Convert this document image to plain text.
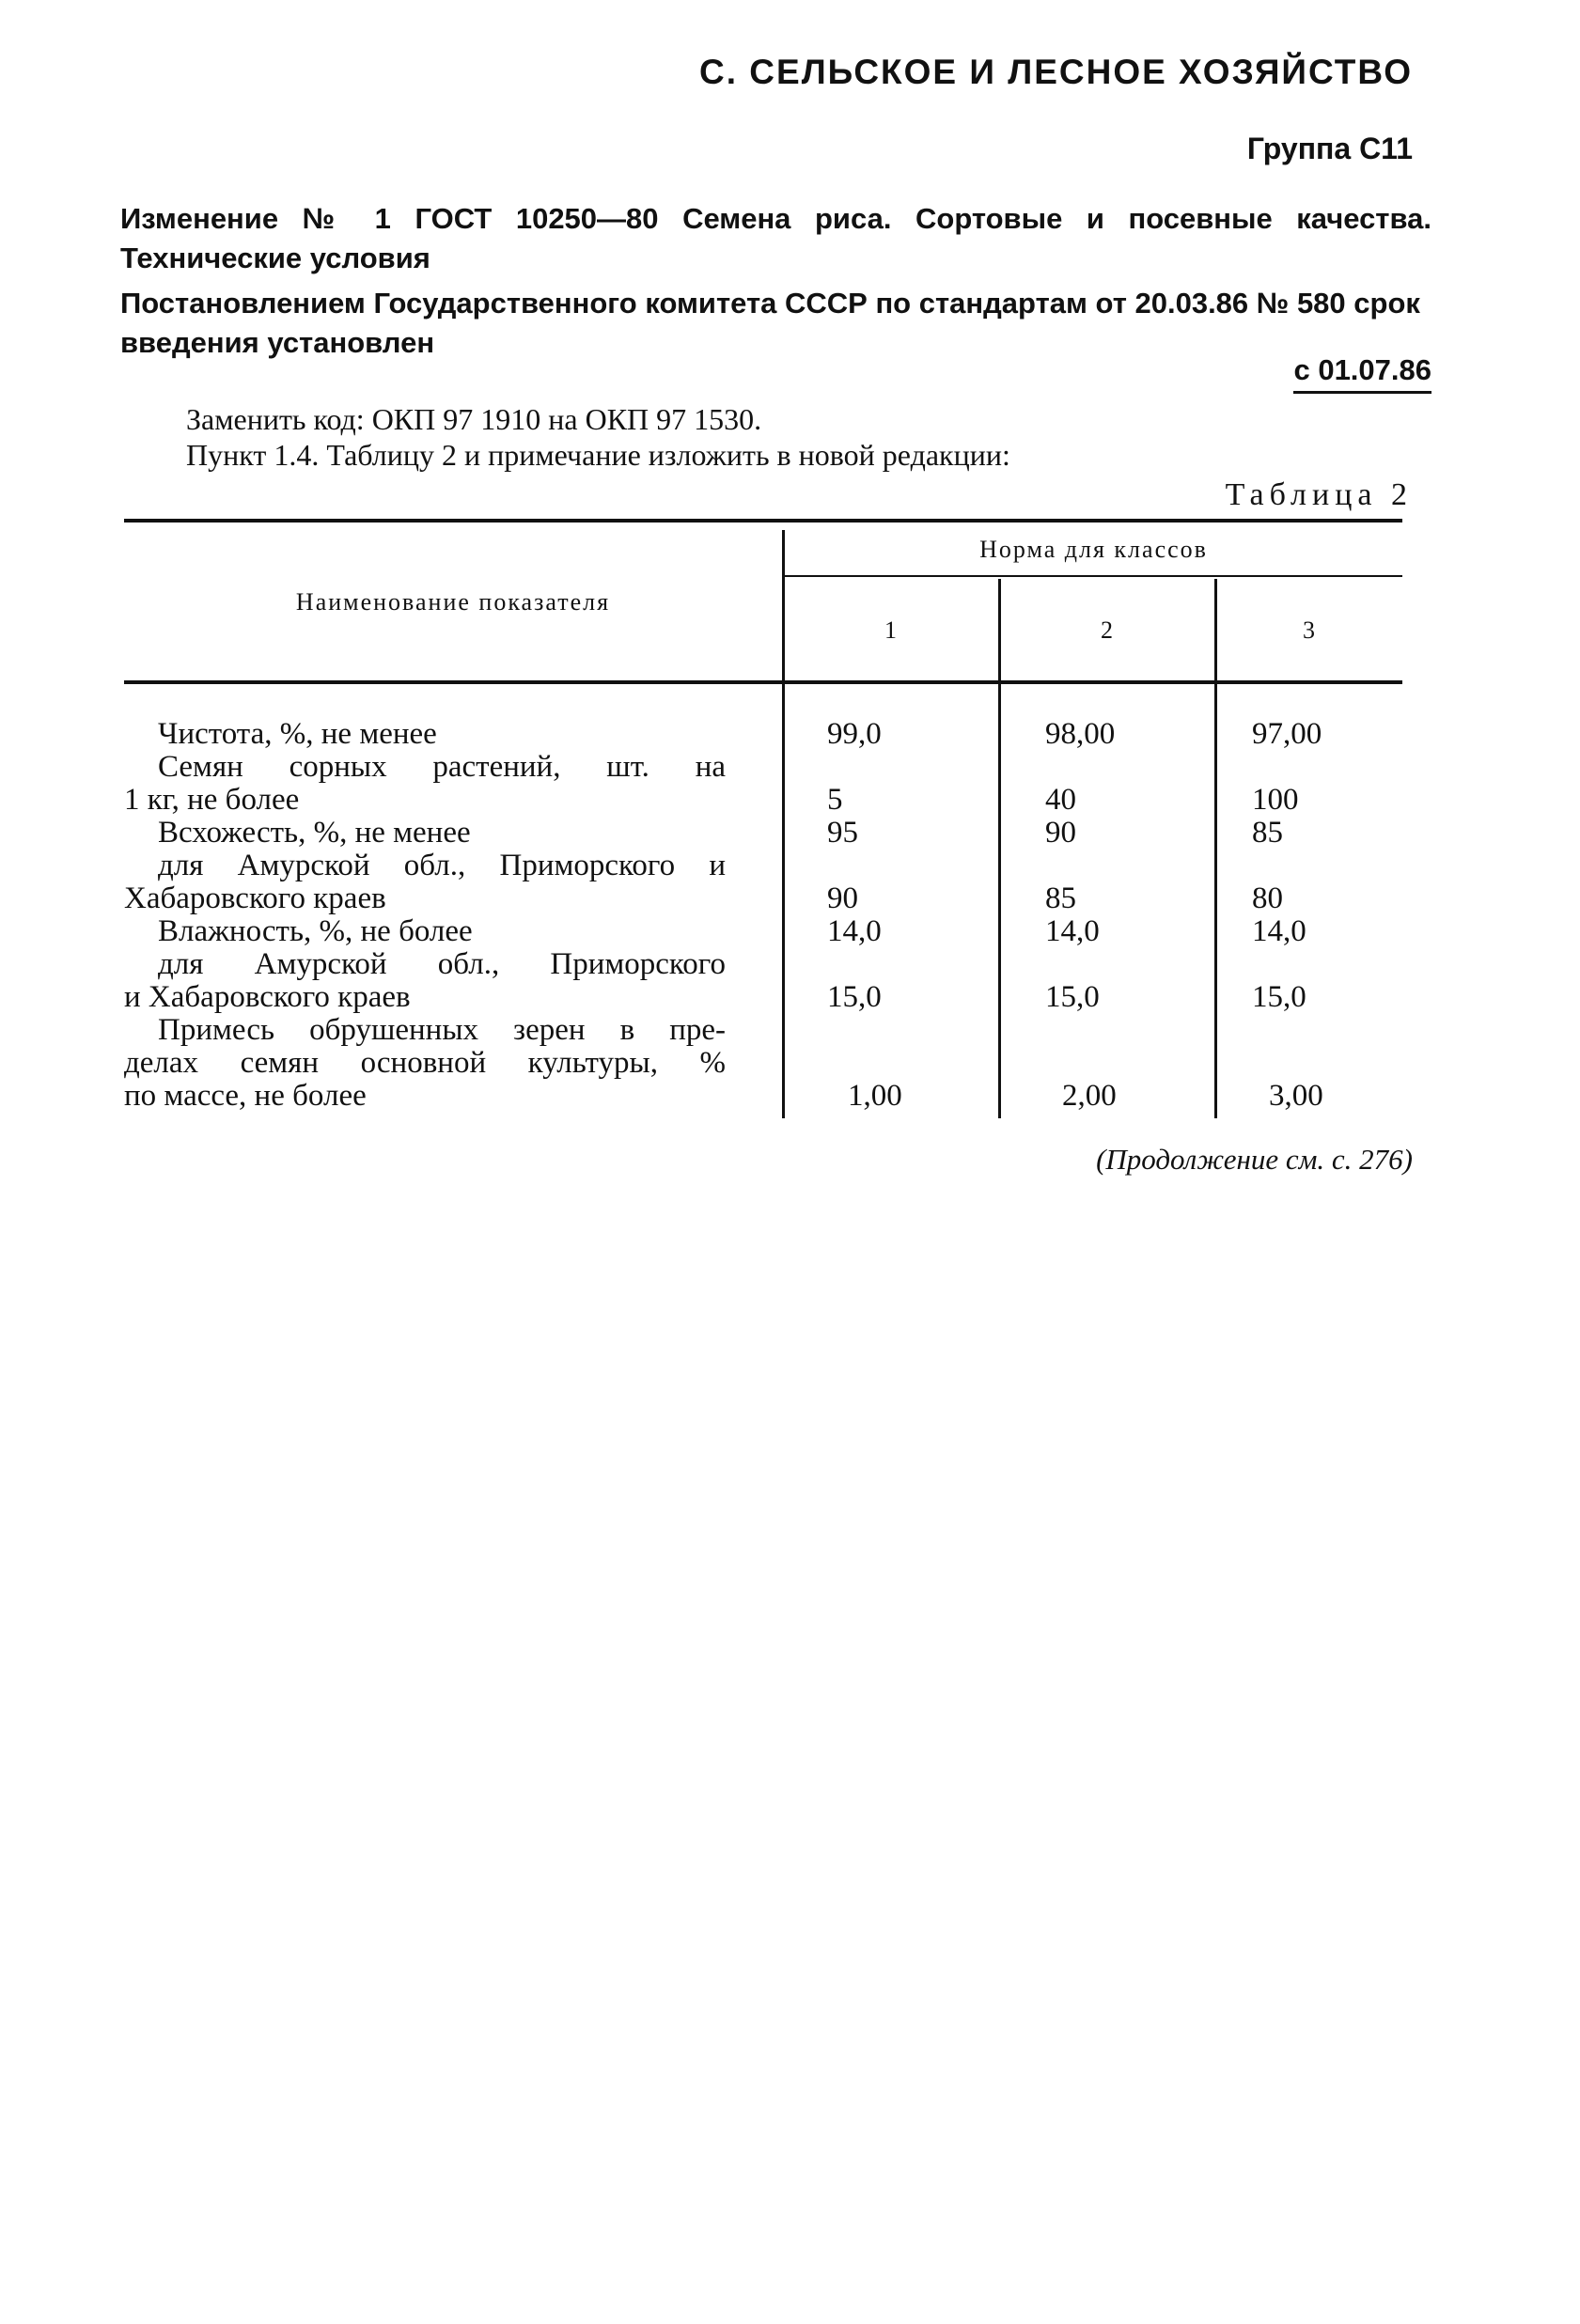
С. СЕЛЬСКОЕ И ЛЕСНОЕ ХОЗЯЙСТВО
Группа С11
Изменение № 1 ГОСТ 10250—80 Семена риса. Сортовые и посевные качества. Технические условия
Постановлением Государственного комитета СССР по стандартам от 20.03.86 № 580 срок введения установлен
с 01.07.86
Заменить код: ОКП 97 1910 на ОКП 97 1530.
Пункт 1.4. Таблицу 2 и примечание изложить в новой редакции:
Таблица 2
Наименование показателя
Норма для классов
1	2	3
Чистота, %, не менее	99,0	98,00	97,00
Семян сорных растений, шт. на
1 кг, не более	5	40	100
Всхожесть, %, не менее	95	90	85
для Амурской обл., Приморского и
Хабаровского краев	90	85	80
Влажность, %, не более	14,0	14,0	14,0
для Амурской обл., Приморского
и Хабаровского краев	15,0	15,0	15,0
Примесь обрушенных зерен в пре-
делах семян основной культуры, %
по массе, не более	1,00	2,00	3,00
(Продолжение см. с. 276)
